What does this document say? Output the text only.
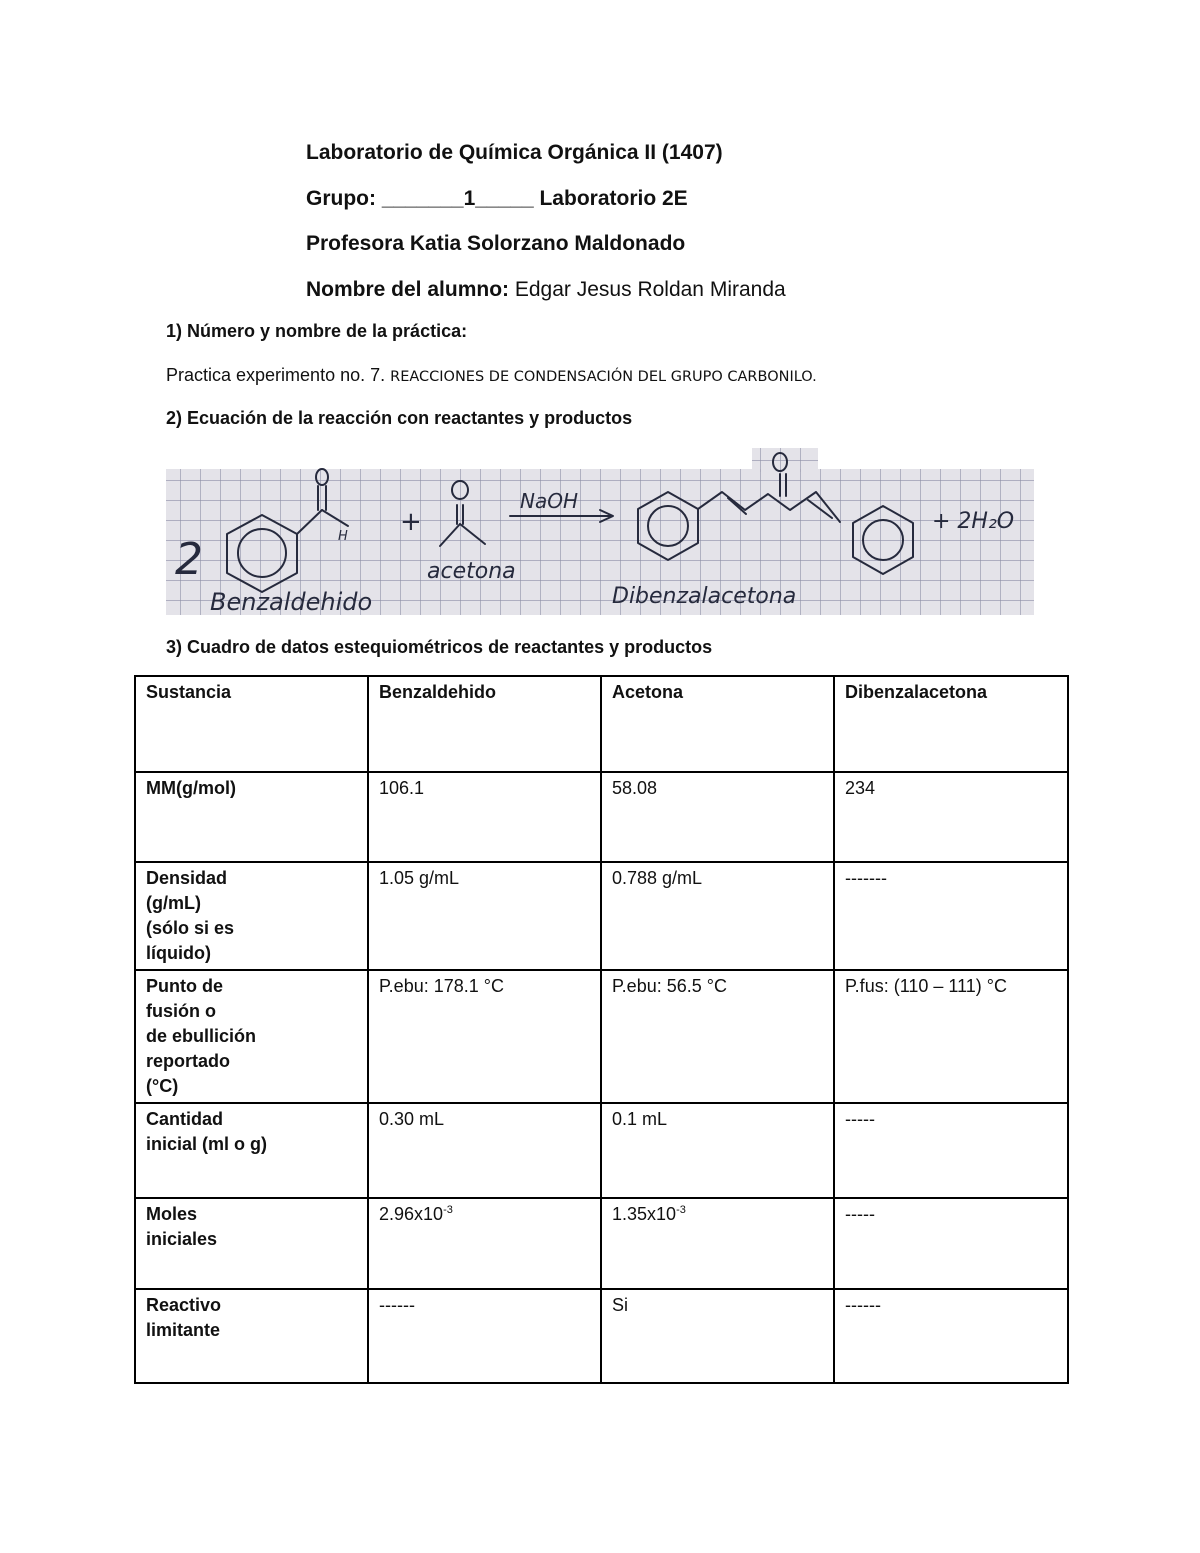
Laboratorio de Química Orgánica II (1407)
Grupo: _______1_____ Laboratorio 2E
Profesora Katia Solorzano Maldonado
Nombre del alumno: Edgar Jesus Roldan Miranda
1) Número y nombre de la práctica:
Practica experimento no. 7. REACCIONES DE CONDENSACIÓN DEL GRUPO CARBONILO.
2) Ecuación de la reacción con reactantes y productos
2	H +
NaOH
+ 2H₂O
acetona
Benzaldehido	Dibenzalacetona
3) Cuadro de datos estequiométricos de reactantes y productos
Sustancia	Benzaldehido	Acetona	Dibenzalacetona

MM(g/mol)	106.1	58.08	234

Densidad
(g/mL)
(sólo si es
líquido)	1.05 g/mL	0.788 g/mL	-------

Punto de
fusión o
de ebullición
reportado
(°C)	P.ebu: 178.1 °C	P.ebu: 56.5 °C	P.fus: (110 – 111) °C

Cantidad
inicial (ml o g)	0.30 mL	0.1 mL	-----

Moles
iniciales	$2.96x10^{-3}$	$1.35x10^{-3}$	-----

Reactivo
limitante	------	Si	------
